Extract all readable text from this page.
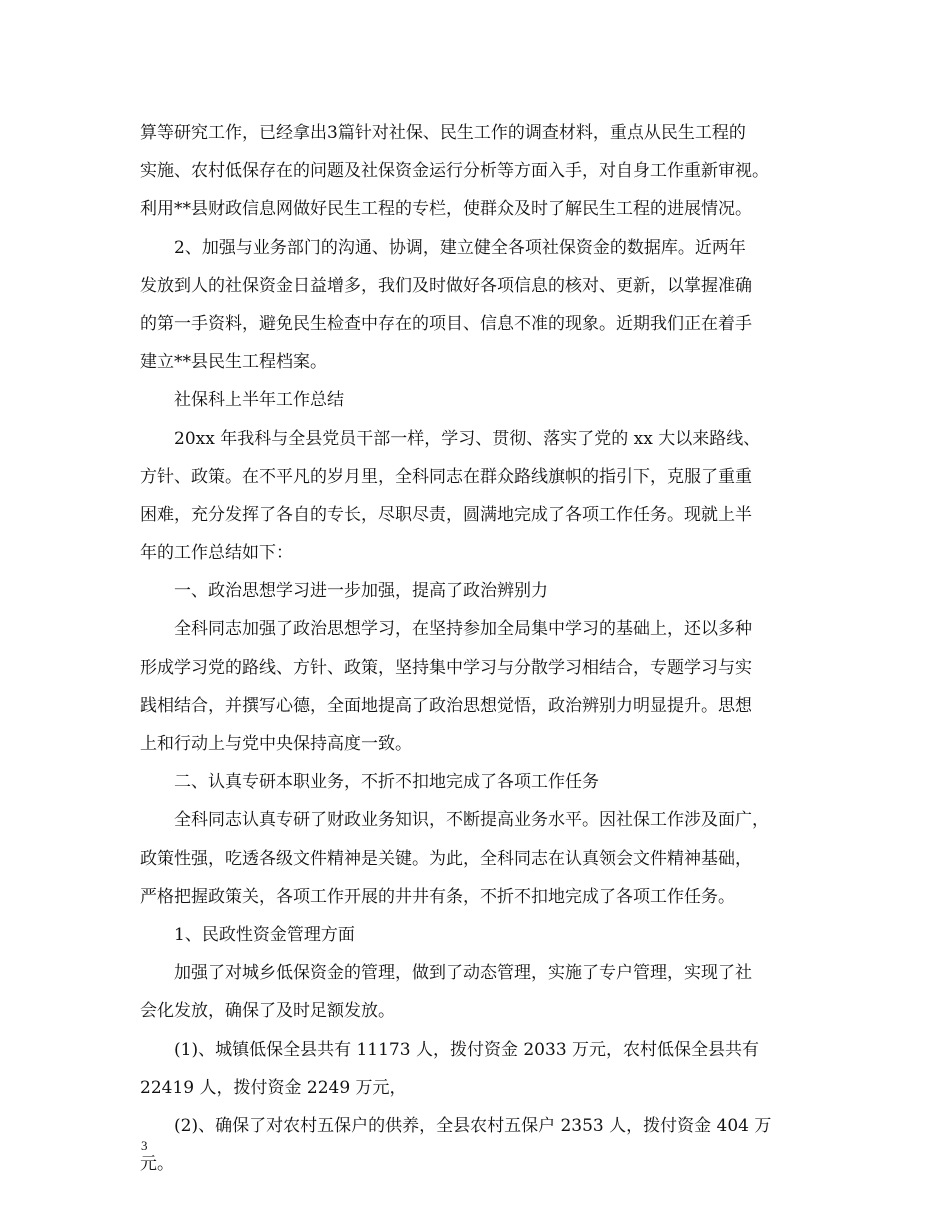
算等研究工作，已经拿出3篇针对社保、民生工作的调查材料，重点从民生工程的
实施、农村低保存在的问题及社保资金运行分析等方面入手，对自身工作重新审视。
利用**县财政信息网做好民生工程的专栏，使群众及时了解民生工程的进展情况。
2、加强与业务部门的沟通、协调，建立健全各项社保资金的数据库。近两年
发放到人的社保资金日益增多，我们及时做好各项信息的核对、更新，以掌握准确
的第一手资料，避免民生检查中存在的项目、信息不准的现象。近期我们正在着手
建立**县民生工程档案。
社保科上半年工作总结
20xx 年我科与全县党员干部一样，学习、贯彻、落实了党的 xx 大以来路线、
方针、政策。在不平凡的岁月里，全科同志在群众路线旗帜的指引下，克服了重重
困难，充分发挥了各自的专长，尽职尽责，圆满地完成了各项工作任务。现就上半
年的工作总结如下：
一、政治思想学习进一步加强，提高了政治辨别力
全科同志加强了政治思想学习，在坚持参加全局集中学习的基础上，还以多种
形成学习党的路线、方针、政策，坚持集中学习与分散学习相结合，专题学习与实
践相结合，并撰写心德，全面地提高了政治思想觉悟，政治辨别力明显提升。思想
上和行动上与党中央保持高度一致。
二、认真专研本职业务，不折不扣地完成了各项工作任务
全科同志认真专研了财政业务知识，不断提高业务水平。因社保工作涉及面广，
政策性强，吃透各级文件精神是关键。为此，全科同志在认真领会文件精神基础，
严格把握政策关，各项工作开展的井井有条，不折不扣地完成了各项工作任务。
1、民政性资金管理方面
加强了对城乡低保资金的管理，做到了动态管理，实施了专户管理，实现了社
会化发放，确保了及时足额发放。
(1)、城镇低保全县共有 11173 人，拨付资金 2033 万元，农村低保全县共有
22419 人，拨付资金 2249 万元，
(2)、确保了对农村五保户的供养，全县农村五保户 2353 人，拨付资金 404 万
元。
3
